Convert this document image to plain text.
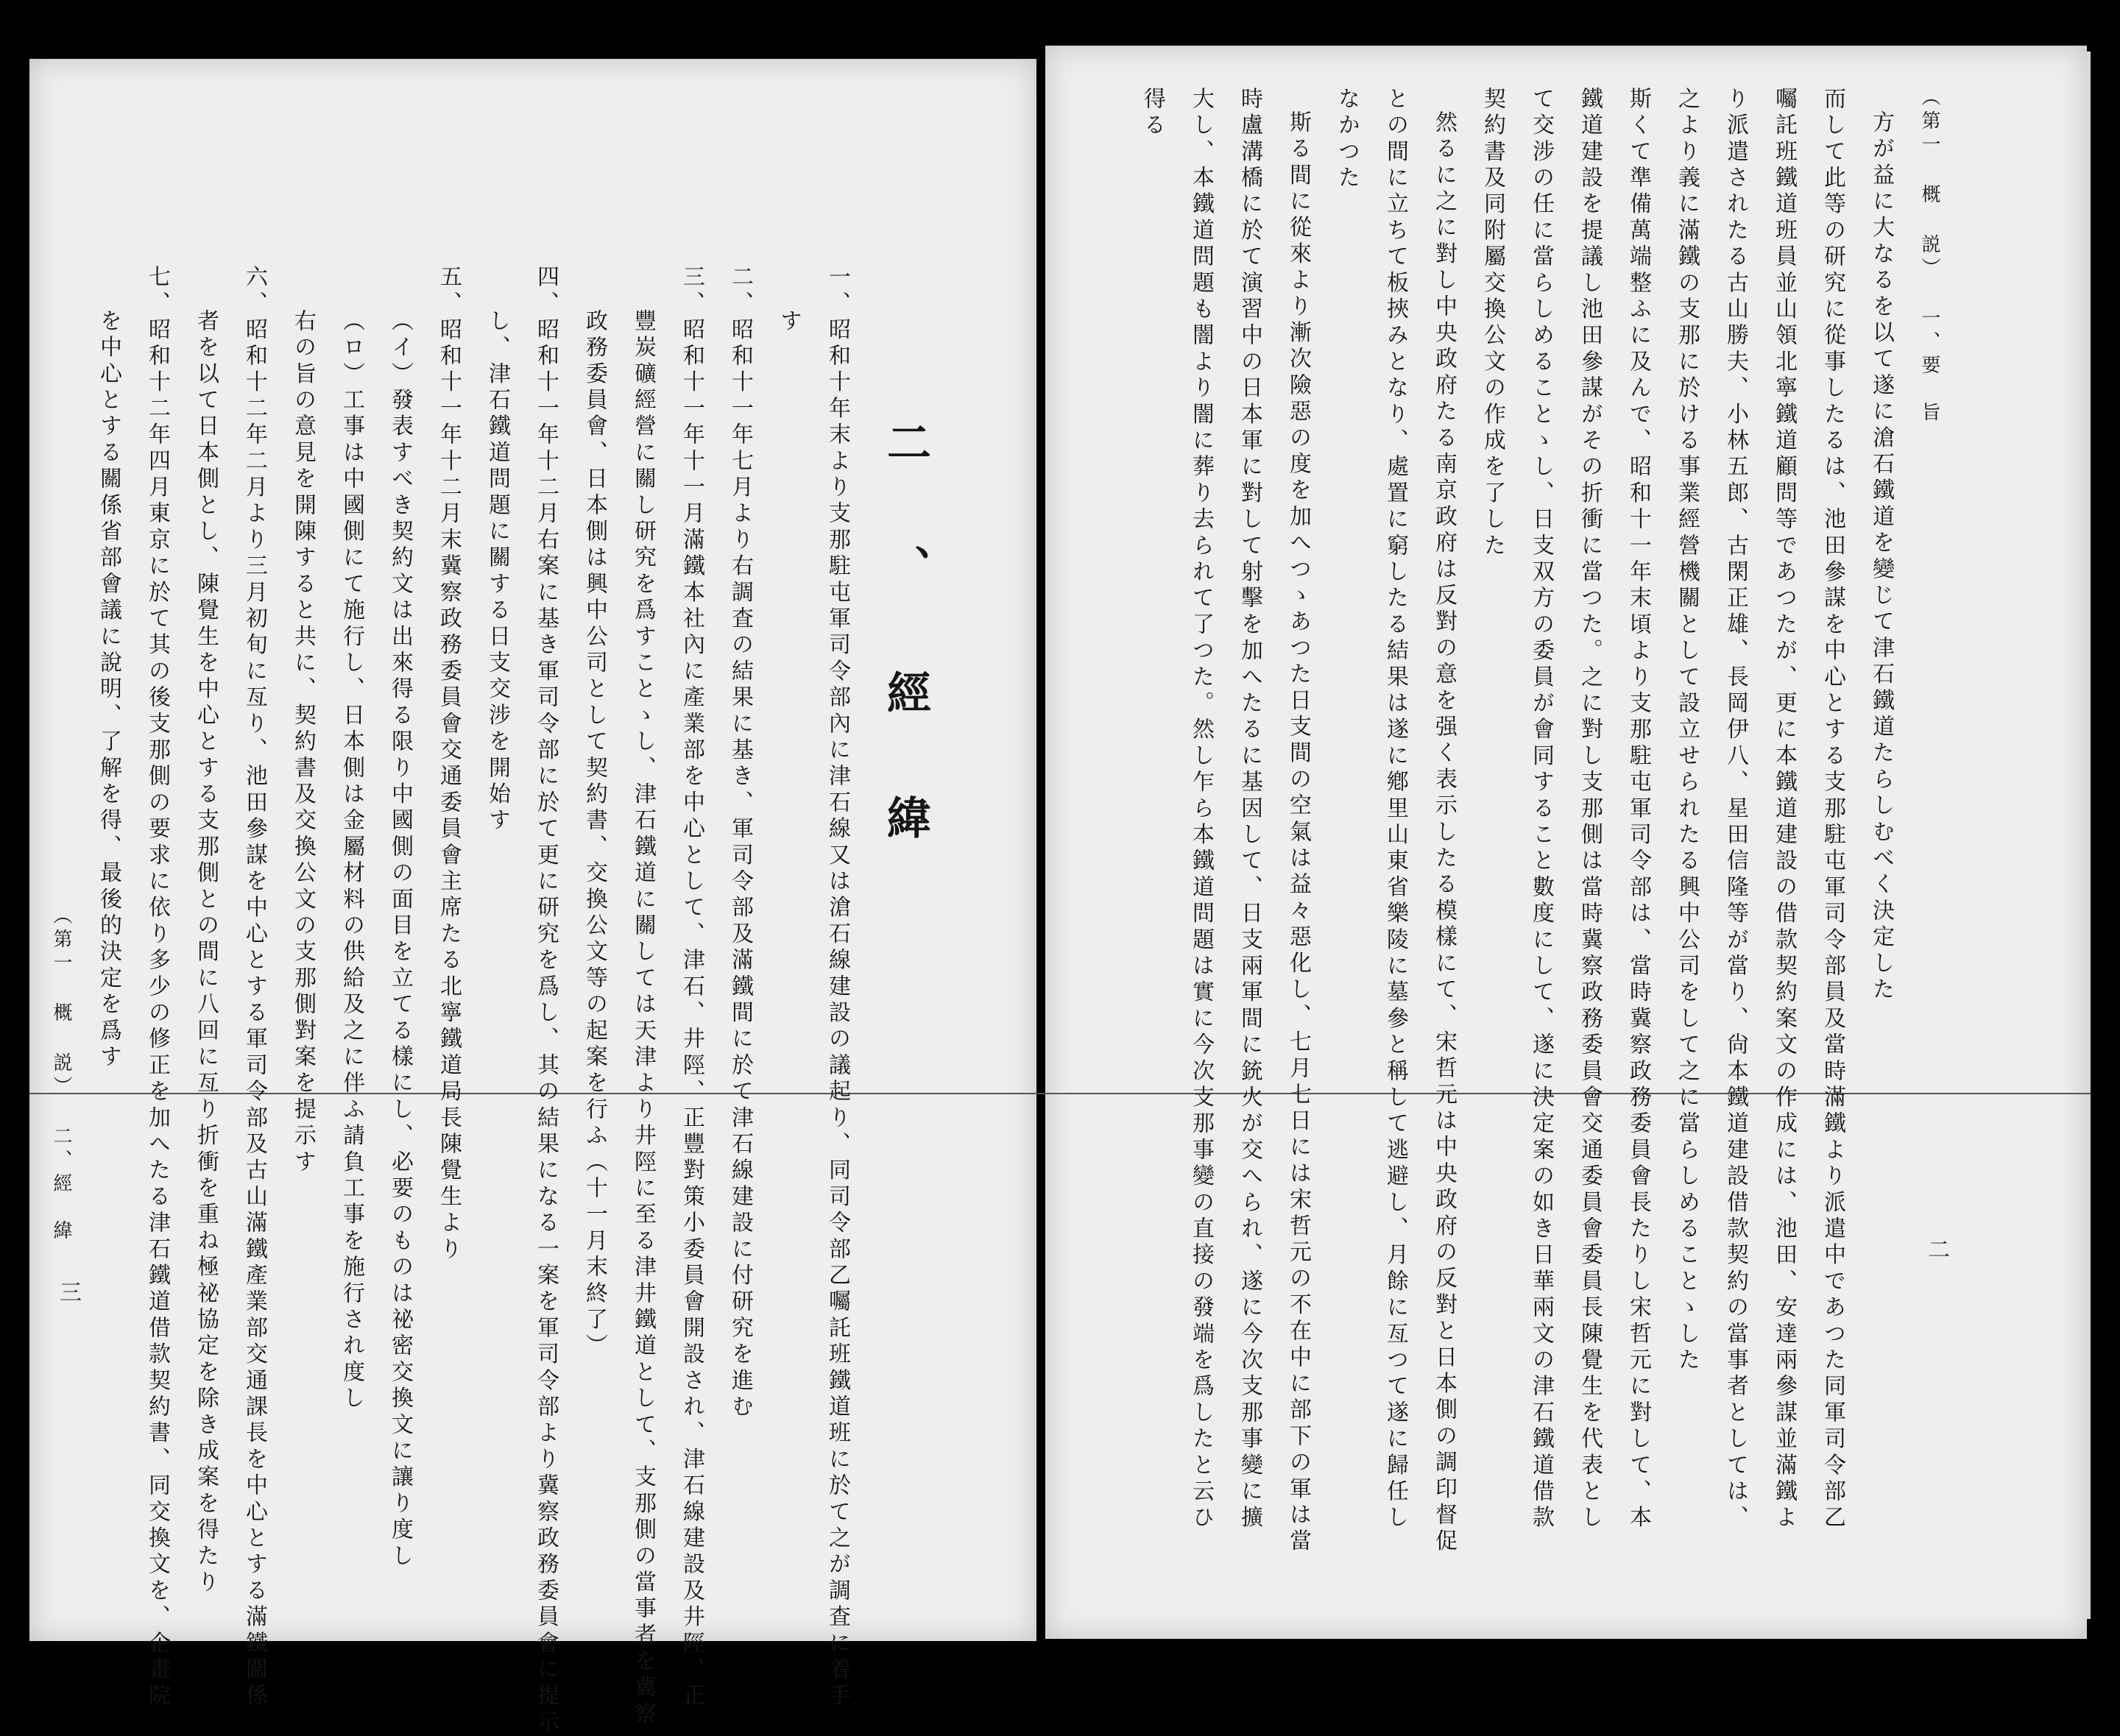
（第一 概 説） 一、要　旨
二
方が益に大なるを以て遂に滄石鐵道を變じて津石鐵道たらしむべく決定した
而して此等の研究に從事したるは、池田參謀を中心とする支那駐屯軍司令部員及當時滿鐵より派遣中であつた同軍司令部乙
囑託班鐵道班員並山領北寧鐵道顧問等であつたが、更に本鐵道建設の借款契約案文の作成には、池田、安達兩參謀並滿鐵よ
り派遣されたる古山勝夫、小林五郎、古閑正雄、長岡伊八、星田信隆等が當り、尙本鐵道建設借款契約の當事者としては、
之より義に滿鐵の支那に於ける事業經營機關として設立せられたる興中公司をして之に當らしめることゝした
斯くて準備萬端整ふに及んで、昭和十一年末頃より支那駐屯軍司令部は、當時冀察政務委員會長たりし宋哲元に對して、本
鐵道建設を提議し池田參謀がその折衝に當つた。之に對し支那側は當時冀察政務委員會交通委員會委員長陳覺生を代表とし
て交涉の任に當らしめることゝし、日支双方の委員が會同すること數度にして、遂に決定案の如き日華兩文の津石鐵道借款
契約書及同附屬交換公文の作成を了した
然るに之に對し中央政府たる南京政府は反對の意を强く表示したる模樣にて、宋哲元は中央政府の反對と日本側の調印督促
との間に立ちて板挾みとなり、處置に窮したる結果は遂に鄕里山東省樂陵に墓參と稱して逃避し、月餘に亙つて遂に歸任し
なかつた
斯る間に從來より漸次險惡の度を加へつゝあつた日支間の空氣は益々惡化し、七月七日には宋哲元の不在中に部下の軍は當
時盧溝橋に於て演習中の日本軍に對して射擊を加へたるに基因して、日支兩軍間に銃火が交へられ、遂に今次支那事變に擴
大し、本鐵道問題も闇より闇に葬り去られて了つた。然し乍ら本鐵道問題は實に今次支那事變の直接の發端を爲したと云ひ
得る
二、經緯
一、昭和十年末より支那駐屯軍司令部內に津石線又は滄石線建設の議起り、同司令部乙囑託班鐵道班に於て之が調査に着手
す
二、昭和十一年七月より右調査の結果に基き、軍司令部及滿鐵間に於て津石線建設に付研究を進む
三、昭和十一年十一月滿鐵本社內に產業部を中心として、津石、井陘、正豐對策小委員會開設され、津石線建設及井陘、正
豐炭礦經營に關し研究を爲すことゝし、津石鐵道に關しては天津より井陘に至る津井鐵道として、支那側の當事者を冀察
政務委員會、日本側は興中公司として契約書、交換公文等の起案を行ふ（十一月末終了）
四、昭和十一年十二月右案に基き軍司令部に於て更に研究を爲し、其の結果になる一案を軍司令部より冀察政務委員會に提示
し、津石鐵道問題に關する日支交涉を開始す
五、昭和十一年十二月末冀察政務委員會交通委員會主席たる北寧鐵道局長陳覺生より
（イ）發表すべき契約文は出來得る限り中國側の面目を立てる樣にし、必要のものは祕密交換文に讓り度し
（ロ）工事は中國側にて施行し、日本側は金屬材料の供給及之に伴ふ請負工事を施行され度し
右の旨の意見を開陳すると共に、契約書及交換公文の支那側對案を提示す
六、昭和十二年二月より三月初旬に亙り、池田參謀を中心とする軍司令部及古山滿鐵產業部交通課長を中心とする滿鐵關係
者を以て日本側とし、陳覺生を中心とする支那側との間に八回に亙り折衝を重ね極祕協定を除き成案を得たり
七、昭和十二年四月東京に於て其の後支那側の要求に依り多少の修正を加へたる津石鐵道借款契約書、同交換文を、企畫院
を中心とする關係省部會議に說明、了解を得、最後的決定を爲す
（第一 概 説） 二、經　緯
三
